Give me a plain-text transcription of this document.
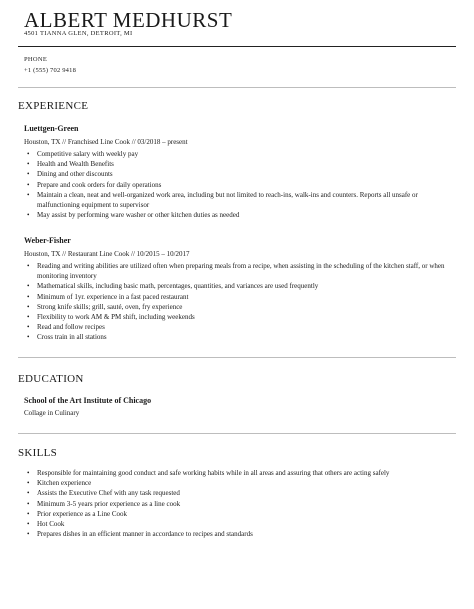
ALBERT MEDHURST
4501 TIANNA GLEN, DETROIT, MI
PHONE
+1 (555) 702 9418
EXPERIENCE
Luettgen-Green
Houston, TX // Franchised Line Cook // 03/2018 – present
• Competitive salary with weekly pay
• Health and Wealth Benefits
• Dining and other discounts
• Prepare and cook orders for daily operations
• Maintain a clean, neat and well-organized work area, including but not limited to reach-ins, walk-ins and counters. Reports all unsafe or malfunctioning equipment to supervisor
• May assist by performing ware washer or other kitchen duties as needed
Weber-Fisher
Houston, TX // Restaurant Line Cook // 10/2015 – 10/2017
• Reading and writing abilities are utilized often when preparing meals from a recipe, when assisting in the scheduling of the kitchen staff, or when monitoring inventory
• Mathematical skills, including basic math, percentages, quantities, and variances are used frequently
• Minimum of 1yr. experience in a fast paced restaurant
• Strong knife skills; grill, sauté, oven, fry experience
• Flexibility to work AM & PM shift, including weekends
• Read and follow recipes
• Cross train in all stations
EDUCATION
School of the Art Institute of Chicago
Collage in Culinary
SKILLS
• Responsible for maintaining good conduct and safe working habits while in all areas and assuring that others are acting safely
• Kitchen experience
• Assists the Executive Chef with any task requested
• Minimum 3-5 years prior experience as a line cook
• Prior experience as a Line Cook
• Hot Cook
• Prepares dishes in an efficient manner in accordance to recipes and standards
